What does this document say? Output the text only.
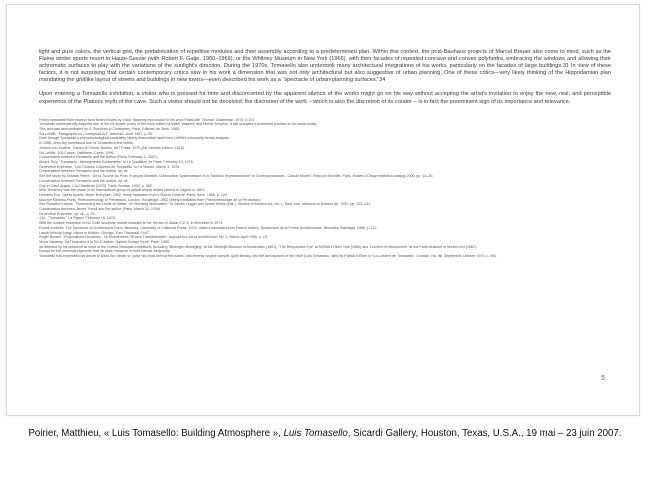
light and pure colors, the vertical grid, the prefabrication of repetitive modules and their assembly according to a predetermined plan. Within this context, the post-Bauhaus projects of Marcel Breuer also come to mind, such as the Flaine winter sports resort in Haute-Savoie (with Robert F. Gatje, 1960–1969), or the Whitney Museum in New York (1966), with their facades of repeated concave and convex polyhedra, embracing the windows and allowing their achromatic surfaces to play with the variations of the sunlight's direction. During the 1970s, Tomasello also undertook many architectural integrations of his works, particularly on the facades of large buildings.31 In view of these factors, it is not surprising that certain contemporary critics saw in his work a dimension that was not only architectural but also suggestive of urban planning. One of these critics—very likely thinking of the Hippodamian plan mandating the gridlike layout of streets and buildings in new towns—even described his work as a “spectacle of urban-planning surfaces.”34

Upon entering a Tomasello exhibition, a visitor who is pressed for time and disconcerted by the apparent silence of the works might go on his way without accepting the artist's invitation to enjoy the new, real, and perceptible experience of the Platonic myth of the cave. Such a visitor should not be deceived: the discretion of the work – which is also the discretion of its creator – is in fact the preeminent sign of its importance and relevance.

Freely translated from excerpt from Notes Brutes by Victor Vasarely reproduced in his work Plasti-cité, Tournai: Casterman, 1970, p.101.
Tomasello subsequently acquired one of the six screen prints of the work edited by Victor Vasarely and Michel Seuphor. It still occupies a prominent position in his studio today.
This text was demonstrated by G. Bouveau in Champerry, Paris, Éditions du Seuil, 1965.
Sol LeWitt, “Paragraphs on Conceptual Art”, Artforum, June 1967, p. 80.
Even though Tomasello's phenomenological sensuality clearly dissociates itself from LeWitt's voluntarily formal analysis.
In 1958, Jean Arp purchased one of Tomasello's first reliefs.
Johann von Goethe, Theory of Colors, Boston, MIT Press, 1970 (full German edition, 1810).
Sol LeWitt, 100 Cubes, Ostfildern, Cantz, 1996.
Conversation between Tomasello and the author (Paris, February 2, 2007).
Annick Pely, “Tomasello : Atmosphères Enchantées” in Le Quotidien de Paris, February 14, 1976.
Geneviève Breerette, “Les Ombres Colorées de Tomasello” in Le Monde, March 3, 1976.
Conversation between Tomasello and the author, op. cit.
See the study by Arnauld Pierre, “De la Touche au Pixel, François Morellet, l'Abstraction Systématique et la Tradition Impressionniste” in Correspondances - Claude Monet / François Morellet, Paris, Musée d'Orsay exhibition catalog 2006, pp. 14–30.
Conversation between Tomasello and the author, op. cit.
Guy et Carol Angan, L'Art Moderne (1970), Paris, Bordas, 1993, p. 383.
New Tendency was the name of an international group of optical-kinetic artists formed in Zagreb in 1961.
Umberto Eco, Opera Aperta, Milan, Bompiani, 1962, freely translated from L'Œuvre Ouverte, Paris, Seuil, 1965, p. 120.
Maurice Merleau-Ponty, Phenomenology of Perception, London, Routledge, 1962 (freely translated from Phénoménologie de la Perception).
See Rosalind Krauss, “Overcoming the Limits of Matter: On Revising Minimalism,” in James Leggio and Susan Weiss (eds.), Studies of Modern Art, No. 1, New York, Museum of Modern Art, 1991, pp. 123–141.
Conversation between James Turrell and the author (Paris, March 30, 2006).
Geneviève Breerette, op. cit., p. 15.
J.M., “Tomasello,” Le Figaro, February 16, 1976.
With the notable exception of his Grille sculpture mobile installed at the Terrain of Gasar C.E.S. in Grenoble in 1974.
Rudolf Arnheim, The Dynamics of Architectural Form, Berkeley, University of California Press, 1978, citation translated from French edition, Dynamique de la Forme Architecturale, Bruxelles, Mardaga, 1986, p. 212.
László Moholy-Nagy, Vision in Motion, Chicago, Paul Theobald, 1947.
Roger Bordier, “Propositions Nouvelles : Le Mouvement, l'Œuvre Transformable”, Aujourd'hui: Art et Architecture, No. 2, March-April 1955, p. 15.
Victor Vasarely, De l'Invention à la Re-Création, Galerie Denise René, Paris, 1955.
As attested by his presence at most of the current historical exhibitions, including “Bewogen Beweging” at the Stedelijk Museum in Amsterdam (1961), “The Responsive Eye” at MOMA in New York (1965) and “Lumière et Mouvement” at the Paris Museum of Modern Art (1967).
Except for the chemical pigments that he uses, because of their intense luminosity.
Tomasello has expressed his desire to allow the viewer to “pose his head behind the cubes” and thereby project himself, quite literally, into the atmosphere of the relief (Luis Tomasello, cited by Patrick d'Elme in “La Lumière de Tomasello”, Cimaise, No. 98, September-October 1970, p. 55).
5
Poirier, Matthieu, « Luis Tomasello: Building Atmosphere », Luis Tomasello, Sicardi Gallery, Houston, Texas, U.S.A., 19 mai – 23 juin 2007.
